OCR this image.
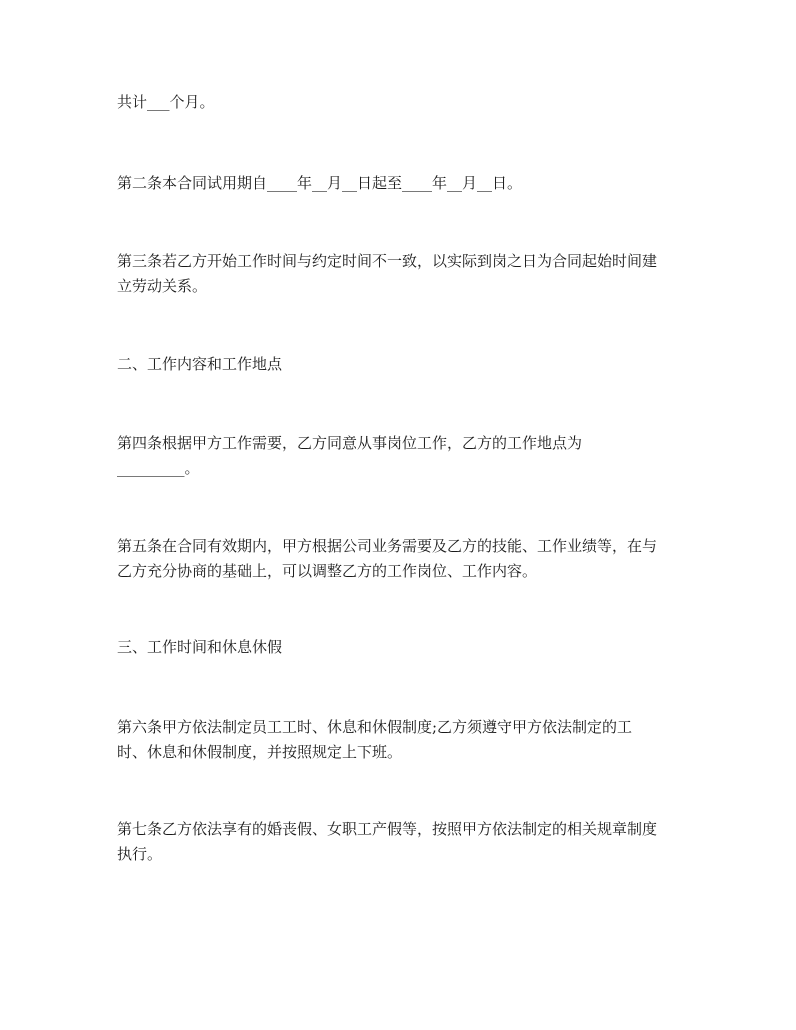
共计___个月。

第二条本合同试用期自____年__月__日起至____年__月__日。

第三条若乙方开始工作时间与约定时间不一致，以实际到岗之日为合同起始时间建
立劳动关系。

二、工作内容和工作地点

第四条根据甲方工作需要，乙方同意从事岗位工作，乙方的工作地点为
_________。

第五条在合同有效期内，甲方根据公司业务需要及乙方的技能、工作业绩等，在与
乙方充分协商的基础上，可以调整乙方的工作岗位、工作内容。

三、工作时间和休息休假

第六条甲方依法制定员工工时、休息和休假制度;乙方须遵守甲方依法制定的工
时、休息和休假制度，并按照规定上下班。

第七条乙方依法享有的婚丧假、女职工产假等，按照甲方依法制定的相关规章制度
执行。
